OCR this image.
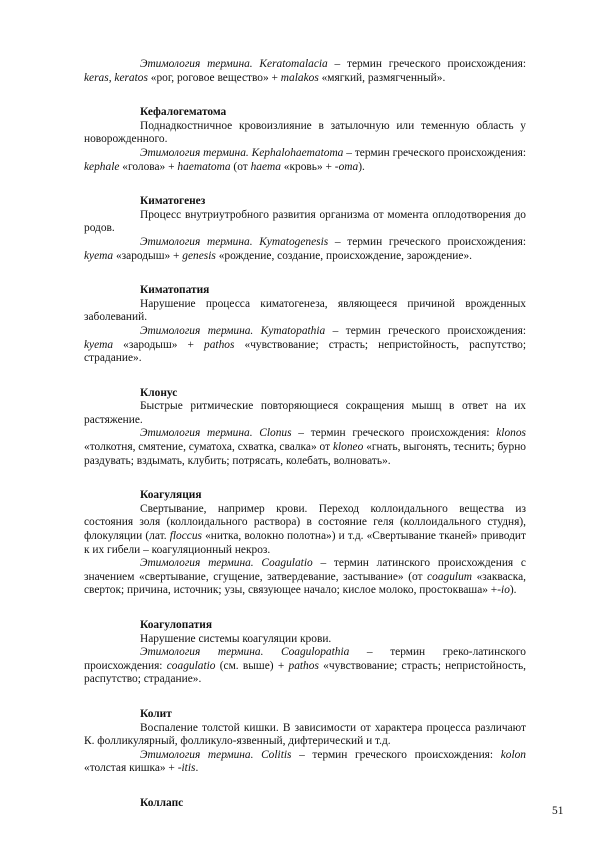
Этимология термина. Keratomalacia – термин греческого происхождения: keras, keratos «рог, роговое вещество» + malakos «мягкий, размягченный».

Кефалогематома

Поднадкостничное кровоизлияние в затылочную или теменную область у новорожденного.

Этимология термина. Kephalohaematoma – термин греческого происхождения: kephale «голова» + haematoma (от haema «кровь» + -oma).

Киматогенез

Процесс внутриутробного развития организма от момента оплодотворения до родов.

Этимология термина. Kymatogenesis – термин греческого происхождения: kyema «зародыш» + genesis «рождение, создание, происхождение, зарождение».

Киматопатия

Нарушение процесса киматогенеза, являющееся причиной врожденных заболеваний.

Этимология термина. Kymatopathia – термин греческого происхождения: kyema «зародыш» + pathos «чувствование; страсть; непристойность, распутство; страдание».

Клонус

Быстрые ритмические повторяющиеся сокращения мышц в ответ на их растяжение.

Этимология термина. Clonus – термин греческого происхождения: klonos «толкотня, смятение, суматоха, схватка, свалка» от kloneo «гнать, выгонять, теснить; бурно раздувать; вздымать, клубить; потрясать, колебать, волновать».

Коагуляция

Свертывание, например крови. Переход коллоидального вещества из состояния золя (коллоидального раствора) в состояние геля (коллоидального студня), флокуляции (лат. floccus «нитка, волокно полотна») и т.д. «Свертывание тканей» приводит к их гибели – коагуляционный некроз.

Этимология термина. Coagulatio – термин латинского происхождения с значением «свертывание, сгущение, затвердевание, застывание» (от coagulum «закваска, сверток; причина, источник; узы, связующее начало; кислое молоко, простокваша» +-io).

Коагулопатия

Нарушение системы коагуляции крови.

Этимология термина. Coagulopathia – термин греко-латинского происхождения: coagulatio (см. выше) + pathos «чувствование; страсть; непристойность, распутство; страдание».

Колит

Воспаление толстой кишки. В зависимости от характера процесса различают К. фолликулярный, фолликуло-язвенный, дифтерический и т.д.

Этимология термина. Colitis – термин греческого происхождения: kolon «толстая кишка» + -itis.

Коллапс
51
